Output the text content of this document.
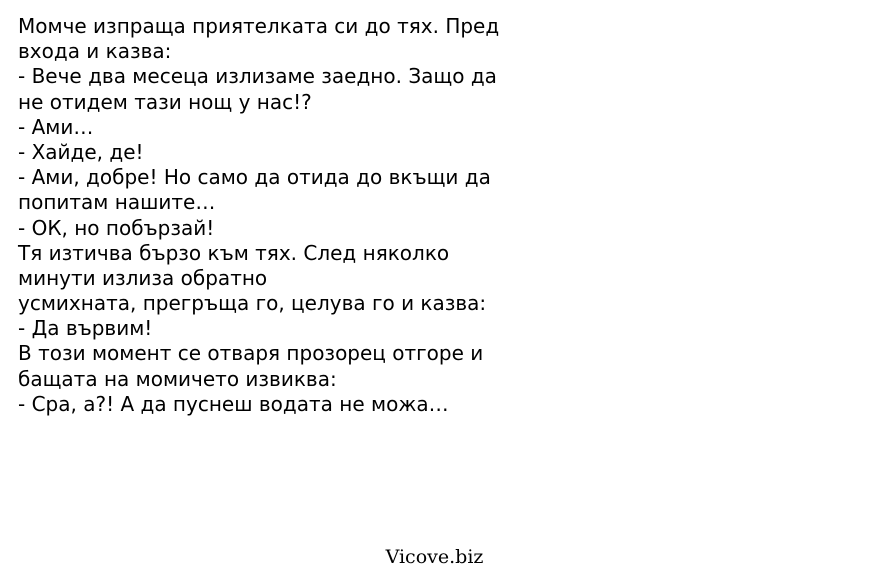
Момче изпраща приятелката си до тях. Пред
входа и казва:
- Вече два месеца излизаме заедно. Защо да
не отидем тази нощ у нас!?
- Ами…
- Хайде, де!
- Ами, добре! Но само да отида до вкъщи да
попитам нашите…
- ОК, но побързай!
Тя изтичва бързо към тях. След няколко
минути излиза обратно
усмихната, прегръща го, целува го и казва:
- Да вървим!
В този момент се отваря прозорец отгоре и
бащата на момичето извиква:
- Сра, а?! А да пуснеш водата не можа…
Vicove.biz
